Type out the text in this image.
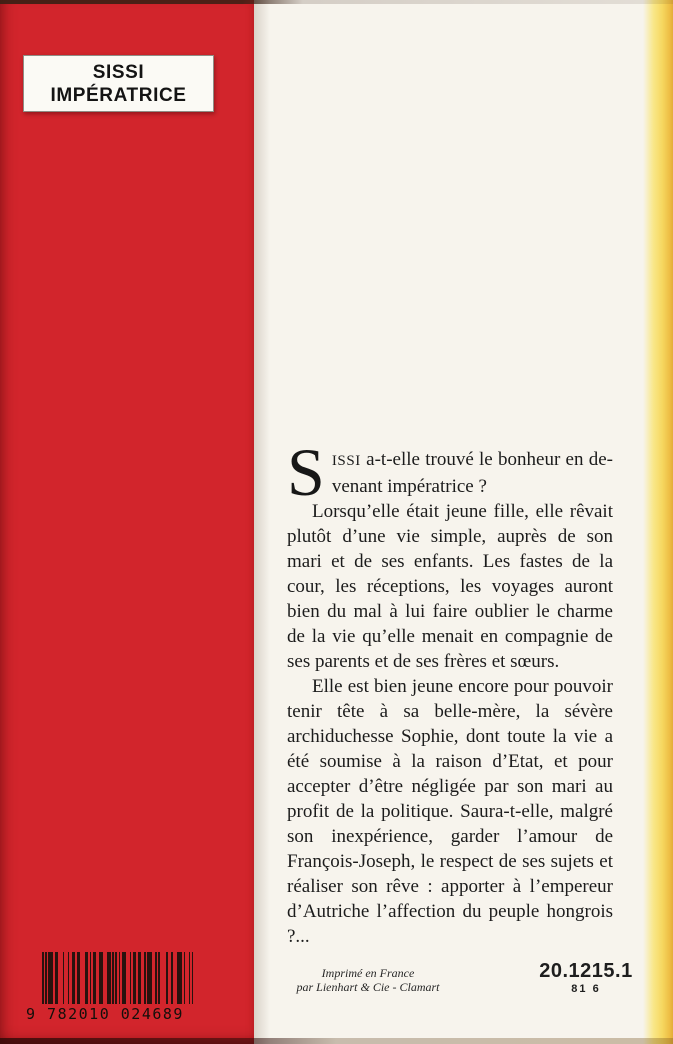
SISSI
IMPÉRATRICE

SISSI a-t-elle trouvé le bonheur en devenant impératrice ?

Lorsqu’elle était jeune fille, elle rêvait plutôt d’une vie simple, auprès de son mari et de ses enfants. Les fastes de la cour, les réceptions, les voyages auront bien du mal à lui faire oublier le charme de la vie qu’elle menait en compagnie de ses parents et de ses frères et sœurs.

Elle est bien jeune encore pour pouvoir tenir tête à sa belle-mère, la sévère archiduchesse Sophie, dont toute la vie a été soumise à la raison d’Etat, et pour accepter d’être négligée par son mari au profit de la politique. Saura-t-elle, malgré son inexpérience, garder l’amour de François-Joseph, le respect de ses sujets et réaliser son rêve : apporter à l’empereur d’Autriche l’affection du peuple hongrois ?...

Imprimé en France
par Lienhart & Cie - Clamart
20.1215.1
81 6
9 782010 024689
